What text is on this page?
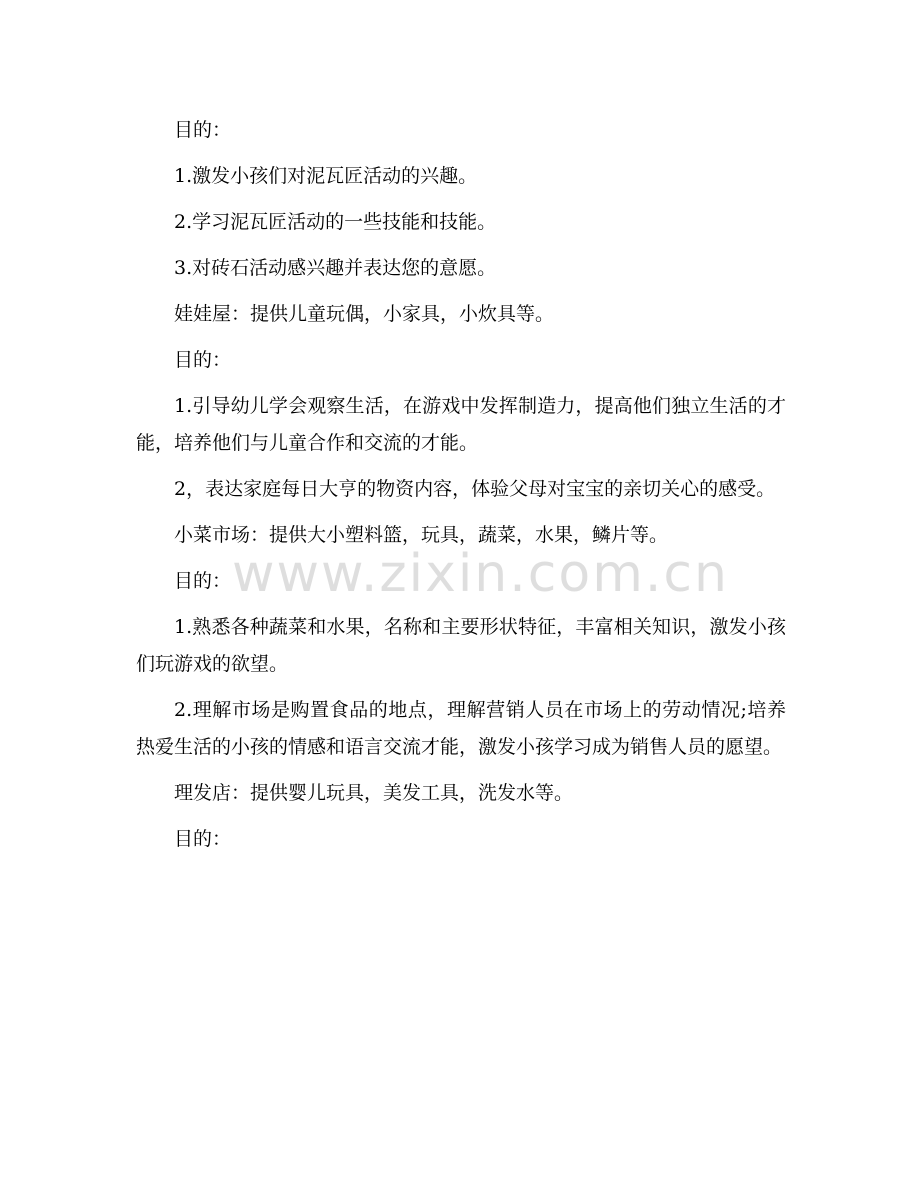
目的：

1.激发小孩们对泥瓦匠活动的兴趣。

2.学习泥瓦匠活动的一些技能和技能。

3.对砖石活动感兴趣并表达您的意愿。

娃娃屋：提供儿童玩偶，小家具，小炊具等。

目的：

1.引导幼儿学会观察生活，在游戏中发挥制造力，提高他们独立生活的才能，培养他们与儿童合作和交流的才能。

2，表达家庭每日大亨的物资内容，体验父母对宝宝的亲切关心的感受。

小菜市场：提供大小塑料篮，玩具，蔬菜，水果，鳞片等。

目的：

1.熟悉各种蔬菜和水果，名称和主要形状特征，丰富相关知识，激发小孩们玩游戏的欲望。

2.理解市场是购置食品的地点，理解营销人员在市场上的劳动情况;培养热爱生活的小孩的情感和语言交流才能，激发小孩学习成为销售人员的愿望。

理发店：提供婴儿玩具，美发工具，洗发水等。

目的：

www.zixin.com.cn
